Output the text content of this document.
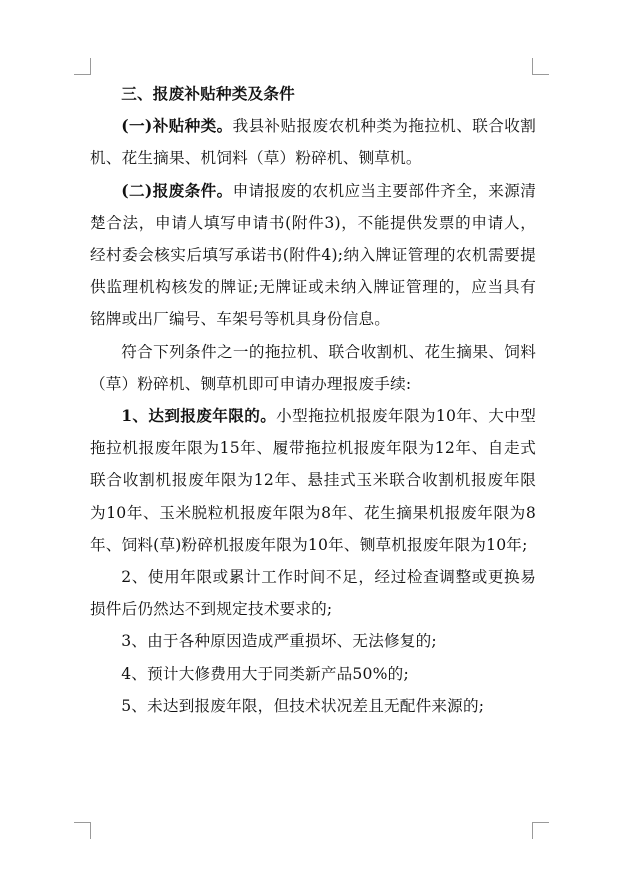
三、报废补贴种类及条件

(一)补贴种类。我县补贴报废农机种类为拖拉机、联合收割机、花生摘果、机饲料（草）粉碎机、铡草机。

(二)报废条件。申请报废的农机应当主要部件齐全，来源清楚合法，申请人填写申请书(附件3)，不能提供发票的申请人，经村委会核实后填写承诺书(附件4);纳入牌证管理的农机需要提供监理机构核发的牌证;无牌证或未纳入牌证管理的，应当具有铭牌或出厂编号、车架号等机具身份信息。

符合下列条件之一的拖拉机、联合收割机、花生摘果、饲料（草）粉碎机、铡草机即可申请办理报废手续:

1、达到报废年限的。小型拖拉机报废年限为10年、大中型拖拉机报废年限为15年、履带拖拉机报废年限为12年、自走式联合收割机报废年限为12年、悬挂式玉米联合收割机报废年限为10年、玉米脱粒机报废年限为8年、花生摘果机报废年限为8年、饲料(草)粉碎机报废年限为10年、铡草机报废年限为10年;

2、使用年限或累计工作时间不足，经过检查调整或更换易损件后仍然达不到规定技术要求的;

3、由于各种原因造成严重损坏、无法修复的;

4、预计大修费用大于同类新产品50%的;

5、未达到报废年限，但技术状况差且无配件来源的;
